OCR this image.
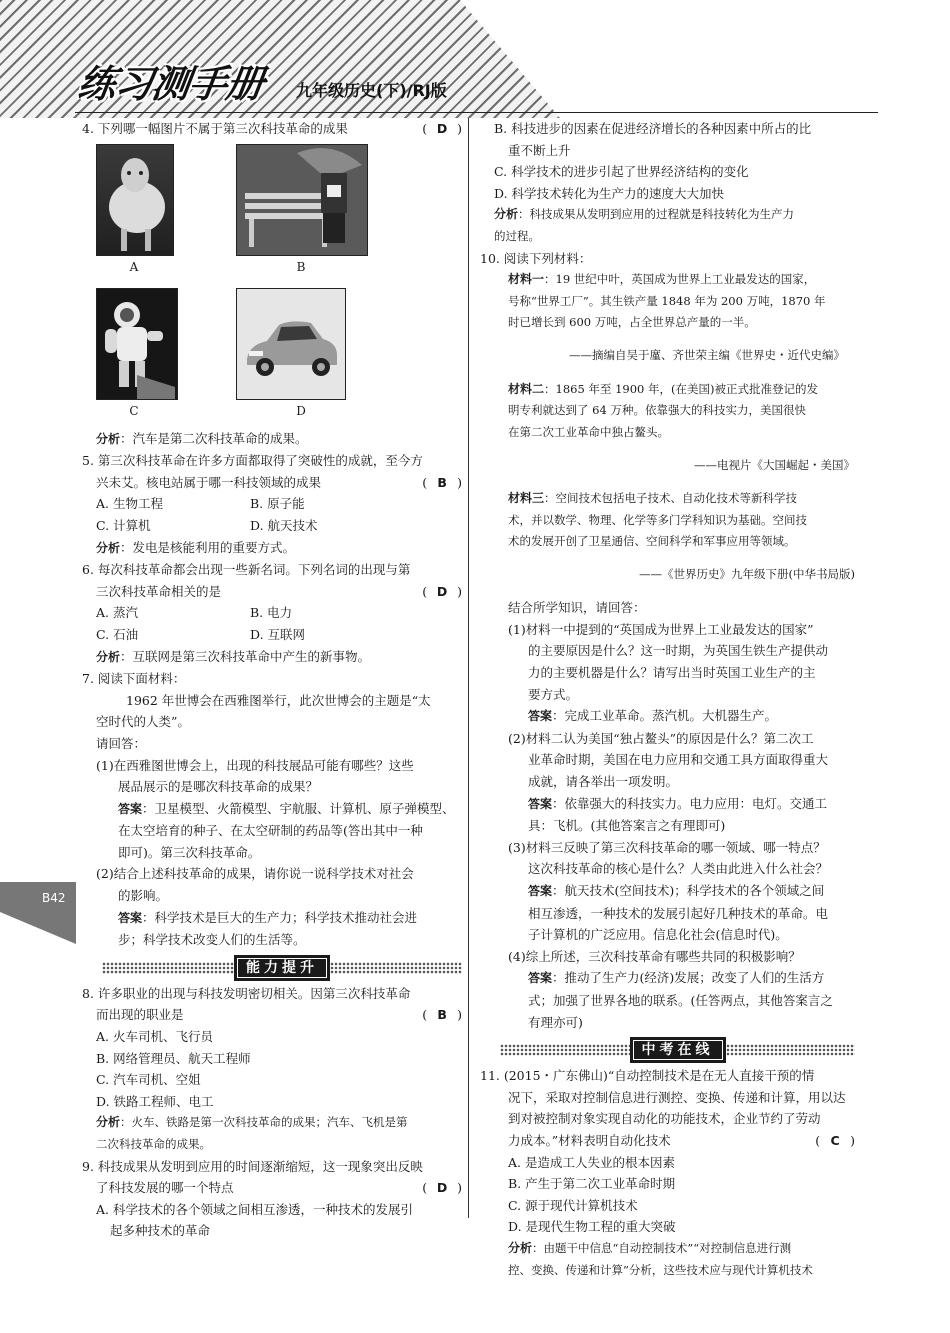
练习测手册 九年级历史(下)/RJ版
B42

( D )
4. 下列哪一幅图片不属于第三次科技革命的成果

A	B
C	D

分析：汽车是第二次科技革命的成果。

5. 第三次科技革命在许多方面都取得了突破性的成就，至今方

( B )
兴未艾。核电站属于哪一科技领域的成果

A. 生物工程	B. 原子能
C. 计算机	D. 航天技术

分析：发电是核能利用的重要方式。

6. 每次科技革命都会出现一些新名词。下列名词的出现与第

( D )
三次科技革命相关的是

A. 蒸汽	B. 电力
C. 石油	D. 互联网

分析：互联网是第三次科技革命中产生的新事物。

7. 阅读下面材料：

1962 年世博会在西雅图举行，此次世博会的主题是“太

空时代的人类”。

请回答：

(1)在西雅图世博会上，出现的科技展品可能有哪些？这些

展品展示的是哪次科技革命的成果？

答案：卫星模型、火箭模型、宇航服、计算机、原子弹模型、

在太空培育的种子、在太空研制的药品等(答出其中一种

即可)。第三次科技革命。

(2)结合上述科技革命的成果，请你说一说科学技术对社会

的影响。

答案：科学技术是巨大的生产力；科学技术推动社会进

步；科学技术改变人们的生活等。

能力提升

8. 许多职业的出现与科技发明密切相关。因第三次科技革命

( B )
而出现的职业是

A. 火车司机、飞行员

B. 网络管理员、航天工程师

C. 汽车司机、空姐

D. 铁路工程师、电工

分析：火车、铁路是第一次科技革命的成果；汽车、飞机是第

二次科技革命的成果。

9. 科技成果从发明到应用的时间逐渐缩短，这一现象突出反映

( D )
了科技发展的哪一个特点

A. 科学技术的各个领域之间相互渗透，一种技术的发展引

起多种技术的革命

B. 科技进步的因素在促进经济增长的各种因素中所占的比

重不断上升

C. 科学技术的进步引起了世界经济结构的变化

D. 科学技术转化为生产力的速度大大加快

分析：科技成果从发明到应用的过程就是科技转化为生产力

的过程。

10. 阅读下列材料：

材料一：19 世纪中叶，英国成为世界上工业最发达的国家，

号称“世界工厂”。其生铁产量 1848 年为 200 万吨，1870 年

时已增长到 600 万吨，占全世界总产量的一半。

——摘编自吴于廑、齐世荣主编《世界史・近代史编》

材料二：1865 年至 1900 年，(在美国)被正式批准登记的发

明专利就达到了 64 万种。依靠强大的科技实力，美国很快

在第二次工业革命中独占鳌头。

——电视片《大国崛起・美国》

材料三：空间技术包括电子技术、自动化技术等新科学技

术，并以数学、物理、化学等多门学科知识为基础。空间技

术的发展开创了卫星通信、空间科学和军事应用等领域。

——《世界历史》九年级下册(中华书局版)

结合所学知识，请回答：

(1)材料一中提到的“英国成为世界上工业最发达的国家”

的主要原因是什么？这一时期，为英国生铁生产提供动

力的主要机器是什么？请写出当时英国工业生产的主

要方式。

答案：完成工业革命。蒸汽机。大机器生产。

(2)材料二认为美国“独占鳌头”的原因是什么？第二次工

业革命时期，美国在电力应用和交通工具方面取得重大

成就，请各举出一项发明。

答案：依靠强大的科技实力。电力应用：电灯。交通工

具：飞机。(其他答案言之有理即可)

(3)材料三反映了第三次科技革命的哪一领域、哪一特点？

这次科技革命的核心是什么？人类由此进入什么社会？

答案：航天技术(空间技术)；科学技术的各个领域之间

相互渗透，一种技术的发展引起好几种技术的革命。电

子计算机的广泛应用。信息化社会(信息时代)。

(4)综上所述，三次科技革命有哪些共同的积极影响？

答案：推动了生产力(经济)发展；改变了人们的生活方

式；加强了世界各地的联系。(任答两点，其他答案言之

有理亦可)

中考在线

11. (2015・广东佛山)“自动控制技术是在无人直接干预的情

况下，采取对控制信息进行测控、变换、传递和计算，用以达

到对被控制对象实现自动化的功能技术，企业节约了劳动

( C )
力成本。”材料表明自动化技术

A. 是造成工人失业的根本因素

B. 产生于第二次工业革命时期

C. 源于现代计算机技术

D. 是现代生物工程的重大突破

分析：由题干中信息“自动控制技术”“对控制信息进行测

控、变换、传递和计算”分析，这些技术应与现代计算机技术
